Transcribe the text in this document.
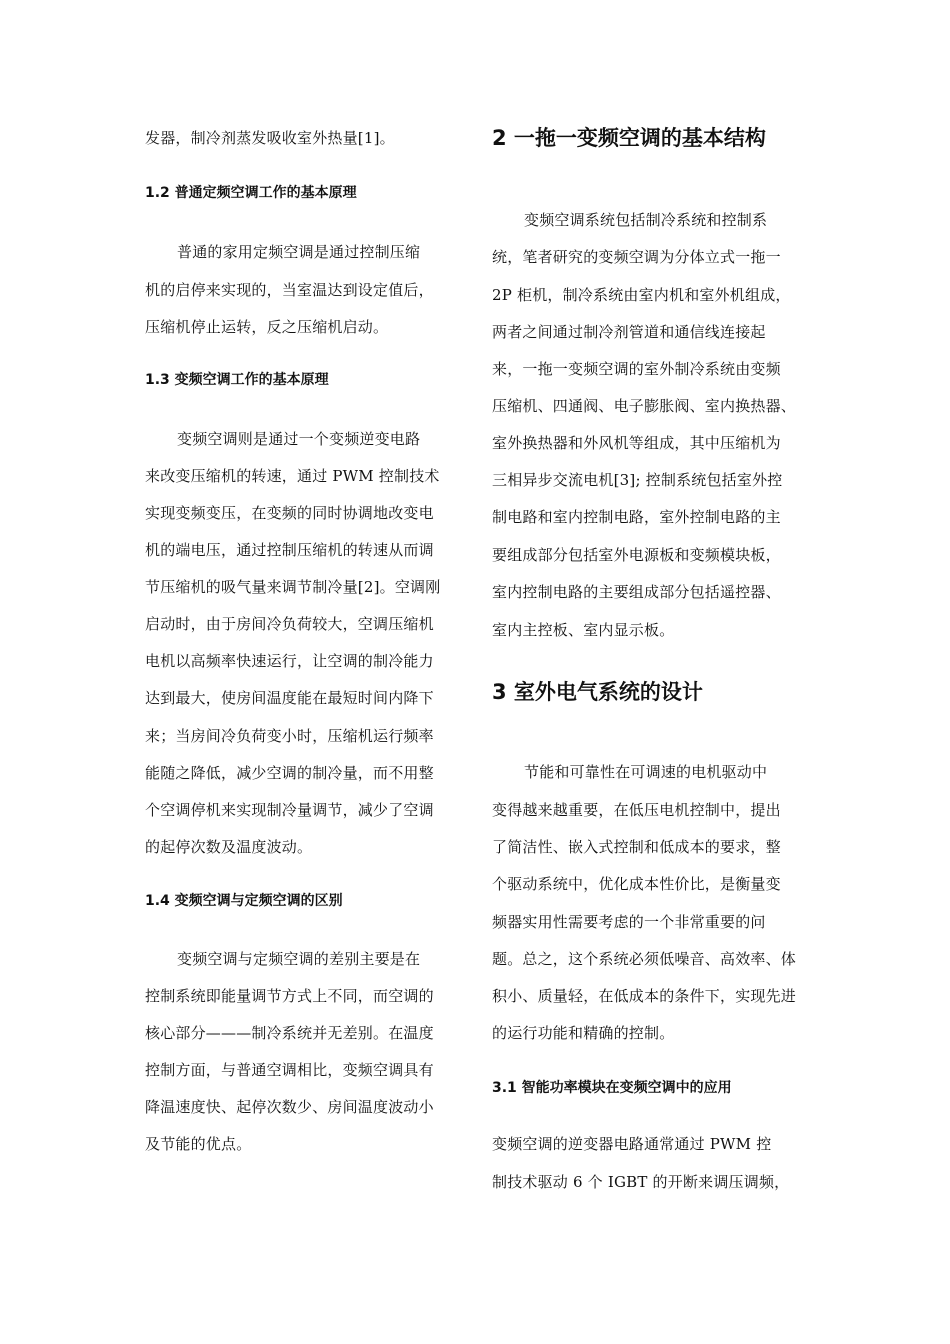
发器，制冷剂蒸发吸收室外热量[1]。
1.2 普通定频空调工作的基本原理
普通的家用定频空调是通过控制压缩
机的启停来实现的，当室温达到设定值后，
压缩机停止运转，反之压缩机启动。
1.3 变频空调工作的基本原理
变频空调则是通过一个变频逆变电路
来改变压缩机的转速，通过 PWM 控制技术
实现变频变压，在变频的同时协调地改变电
机的端电压，通过控制压缩机的转速从而调
节压缩机的吸气量来调节制冷量[2]。空调刚
启动时，由于房间冷负荷较大，空调压缩机
电机以高频率快速运行，让空调的制冷能力
达到最大，使房间温度能在最短时间内降下
来；当房间冷负荷变小时，压缩机运行频率
能随之降低，减少空调的制冷量，而不用整
个空调停机来实现制冷量调节，减少了空调
的起停次数及温度波动。
1.4 变频空调与定频空调的区别
变频空调与定频空调的差别主要是在
控制系统即能量调节方式上不同，而空调的
核心部分———制冷系统并无差别。在温度
控制方面，与普通空调相比，变频空调具有
降温速度快、起停次数少、房间温度波动小
及节能的优点。
2 一拖一变频空调的基本结构
变频空调系统包括制冷系统和控制系
统，笔者研究的变频空调为分体立式一拖一
2P 柜机，制冷系统由室内机和室外机组成，
两者之间通过制冷剂管道和通信线连接起
来，一拖一变频空调的室外制冷系统由变频
压缩机、四通阀、电子膨胀阀、室内换热器、
室外换热器和外风机等组成，其中压缩机为
三相异步交流电机[3]; 控制系统包括室外控
制电路和室内控制电路，室外控制电路的主
要组成部分包括室外电源板和变频模块板，
室内控制电路的主要组成部分包括遥控器、
室内主控板、室内显示板。
3 室外电气系统的设计
节能和可靠性在可调速的电机驱动中
变得越来越重要，在低压电机控制中，提出
了简洁性、嵌入式控制和低成本的要求，整
个驱动系统中，优化成本性价比，是衡量变
频器实用性需要考虑的一个非常重要的问
题。总之，这个系统必须低噪音、高效率、体
积小、质量轻，在低成本的条件下，实现先进
的运行功能和精确的控制。
3.1 智能功率模块在变频空调中的应用
变频空调的逆变器电路通常通过 PWM 控
制技术驱动 6 个 IGBT 的开断来调压调频，
